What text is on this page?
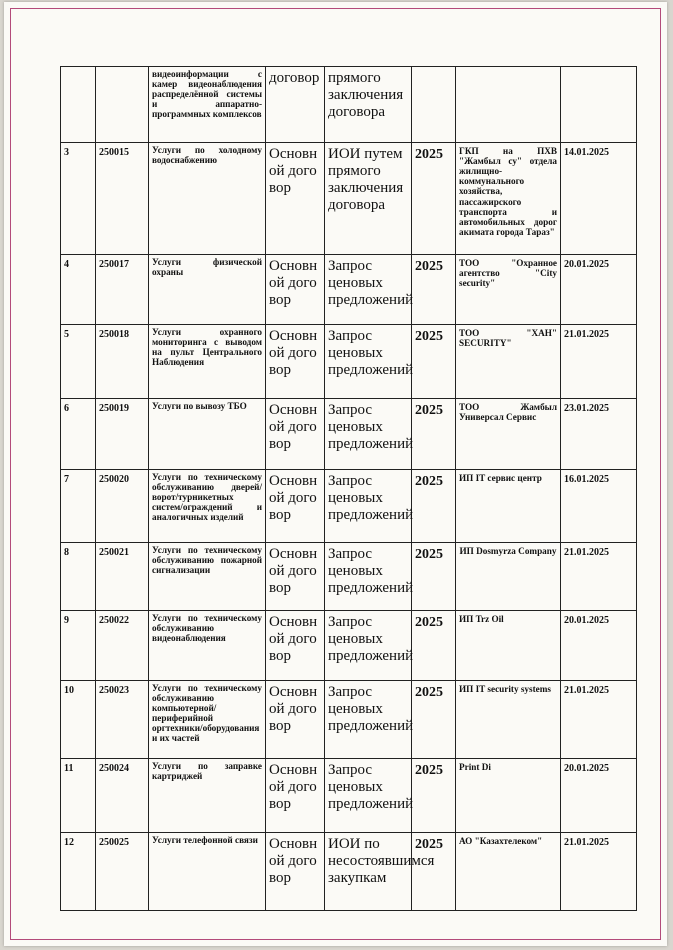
		видеоинформации с камер видеонаблюдения распределённой системы и аппаратно-программных комплексов	договор	прямого заключения договора			
3	250015	Услуги по холодному водоснабжению	Основной договор	ИОИ путем прямого заключения договора	2025	ГКП на ПХВ "Жамбыл су" отдела жилищно-коммунального хозяйства, пассажирского транспорта и автомобильных дорог акимата города Тараз"	14.01.2025
4	250017	Услуги физической охраны	Основной договор	Запрос ценовых предложений	2025	ТОО "Охранное агентство "City security"	20.01.2025
5	250018	Услуги охранного мониторинга с выводом на пульт Центрального Наблюдения	Основной договор	Запрос ценовых предложений	2025	ТОО "ХАН" SECURITY"	21.01.2025
6	250019	Услуги по вывозу ТБО	Основной договор	Запрос ценовых предложений	2025	ТОО Жамбыл Универсал Сервис	23.01.2025
7	250020	Услуги по техническому обслуживанию дверей/ворот/турникетных систем/ограждений и аналогичных изделий	Основной договор	Запрос ценовых предложений	2025	ИП IT сервис центр	16.01.2025
8	250021	Услуги по техническому обслуживанию пожарной сигнализации	Основной договор	Запрос ценовых предложений	2025	ИП Dosmyrza Company	21.01.2025
9	250022	Услуги по техническому обслуживанию видеонаблюдения	Основной договор	Запрос ценовых предложений	2025	ИП Trz Oil	20.01.2025
10	250023	Услуги по техническому обслуживанию компьютерной/периферийной оргтехники/оборудования и их частей	Основной договор	Запрос ценовых предложений	2025	ИП IT security systems	21.01.2025
11	250024	Услуги по заправке картриджей	Основной договор	Запрос ценовых предложений	2025	Print Di	20.01.2025
12	250025	Услуги телефонной связи	Основной договор	ИОИ по несостоявшимся закупкам	2025	АО "Казахтелеком"	21.01.2025
